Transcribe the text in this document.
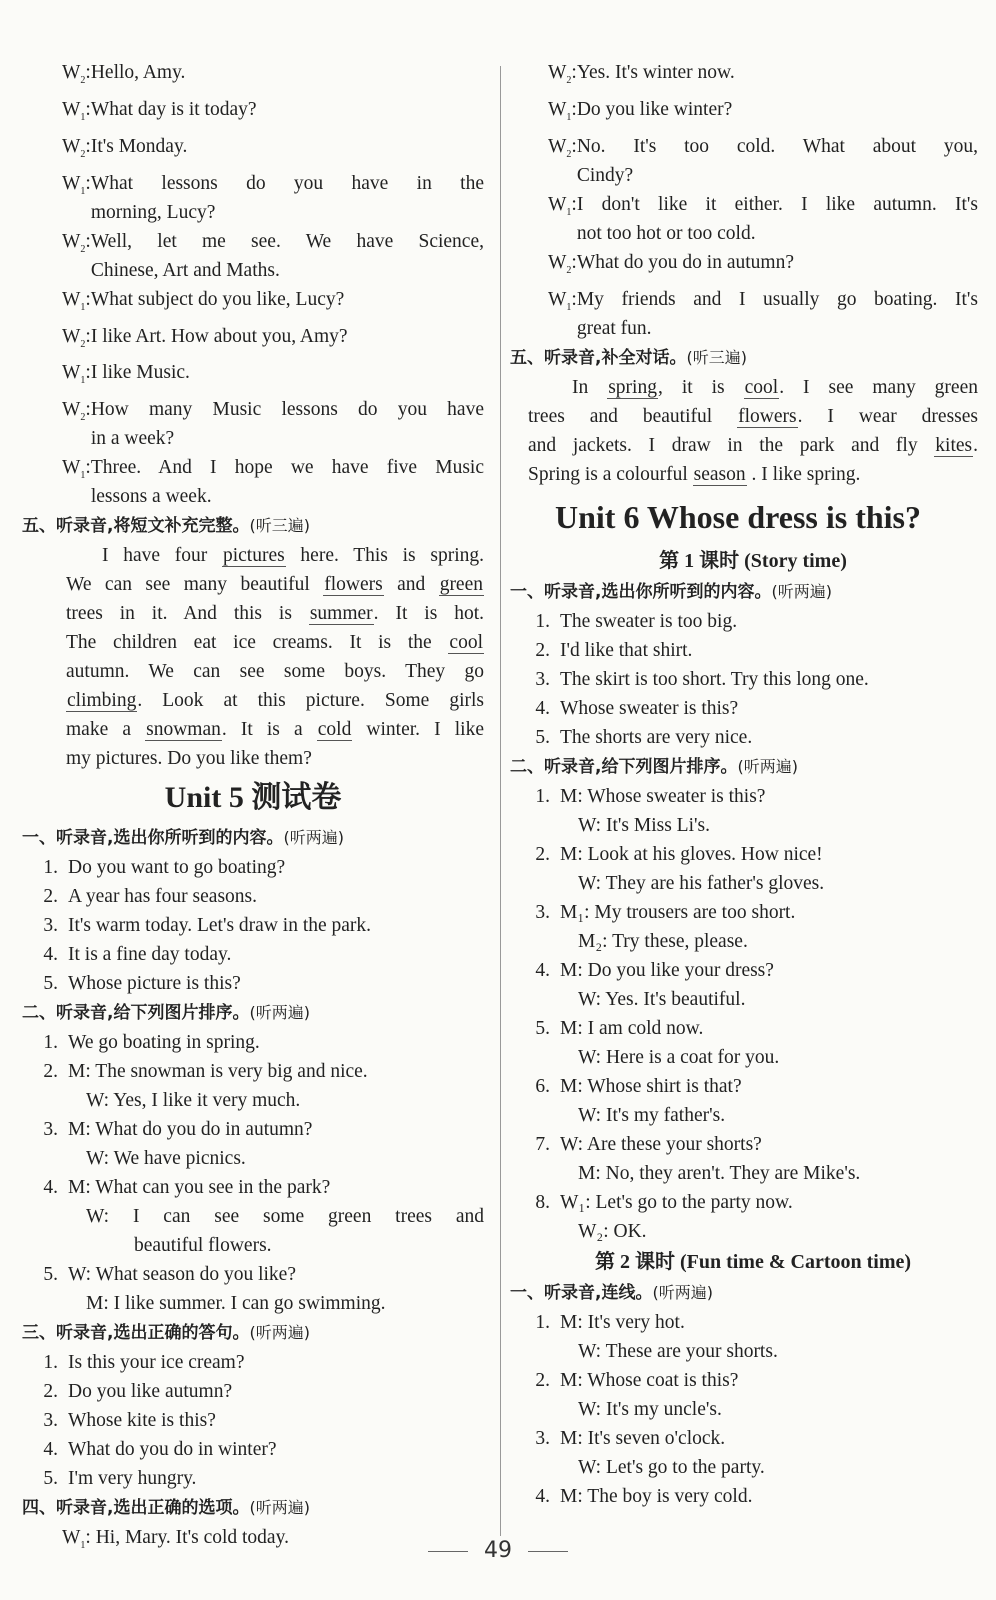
$W_2$: Hello, Amy.
$W_1$: What day is it today?
$W_2$: It's Monday.
$W_1$: What lessons do you have in the
morning, Lucy?
$W_2$: Well, let me see. We have Science,
Chinese, Art and Maths.
$W_1$: What subject do you like, Lucy?
$W_2$: I like Art. How about you, Amy?
$W_1$: I like Music.
$W_2$: How many Music lessons do you have
in a week?
$W_1$: Three. And I hope we have five Music
lessons a week.
五、听录音,将短文补充完整。(听三遍)
I have four pictures here. This is spring.
We can see many beautiful flowers and green
trees in it. And this is summer. It is hot.
The children eat ice creams. It is the cool
autumn. We can see some boys. They go
climbing. Look at this picture. Some girls
make a snowman. It is a cold winter. I like
my pictures. Do you like them?
Unit 5 测试卷
一、听录音,选出你所听到的内容。(听两遍)
1. Do you want to go boating?
2. A year has four seasons.
3. It's warm today. Let's draw in the park.
4. It is a fine day today.
5. Whose picture is this?
二、听录音,给下列图片排序。(听两遍)
1. We go boating in spring.
2. M: The snowman is very big and nice.
W: Yes, I like it very much.
3. M: What do you do in autumn?
W: We have picnics.
4. M: What can you see in the park?
W: I can see some green trees and
beautiful flowers.
5. W: What season do you like?
M: I like summer. I can go swimming.
三、听录音,选出正确的答句。(听两遍)
1. Is this your ice cream?
2. Do you like autumn?
3. Whose kite is this?
4. What do you do in winter?
5. I'm very hungry.
四、听录音,选出正确的选项。(听两遍)
$W_1$: Hi, Mary. It's cold today.
$W_2$: Yes. It's winter now.
$W_1$: Do you like winter?
$W_2$: No. It's too cold. What about you,
Cindy?
$W_1$: I don't like it either. I like autumn. It's
not too hot or too cold.
$W_2$: What do you do in autumn?
$W_1$: My friends and I usually go boating. It's
great fun.
五、听录音,补全对话。(听三遍)
In spring, it is cool. I see many green
trees and beautiful flowers. I wear dresses
and jackets. I draw in the park and fly kites.
Spring is a colourful season . I like spring.
Unit 6 Whose dress is this?
第 1 课时 (Story time)
一、听录音,选出你所听到的内容。(听两遍)
1. The sweater is too big.
2. I'd like that shirt.
3. The skirt is too short. Try this long one.
4. Whose sweater is this?
5. The shorts are very nice.
二、听录音,给下列图片排序。(听两遍)
1. M: Whose sweater is this?
W: It's Miss Li's.
2. M: Look at his gloves. How nice!
W: They are his father's gloves.
3. M₁: My trousers are too short.
M₂: Try these, please.
4. M: Do you like your dress?
W: Yes. It's beautiful.
5. M: I am cold now.
W: Here is a coat for you.
6. M: Whose shirt is that?
W: It's my father's.
7. W: Are these your shorts?
M: No, they aren't. They are Mike's.
8. W₁: Let's go to the party now.
W₂: OK.
第 2 课时 (Fun time & Cartoon time)
一、听录音,连线。(听两遍)
1. M: It's very hot.
W: These are your shorts.
2. M: Whose coat is this?
W: It's my uncle's.
3. M: It's seven o'clock.
W: Let's go to the party.
4. M: The boy is very cold.
49
